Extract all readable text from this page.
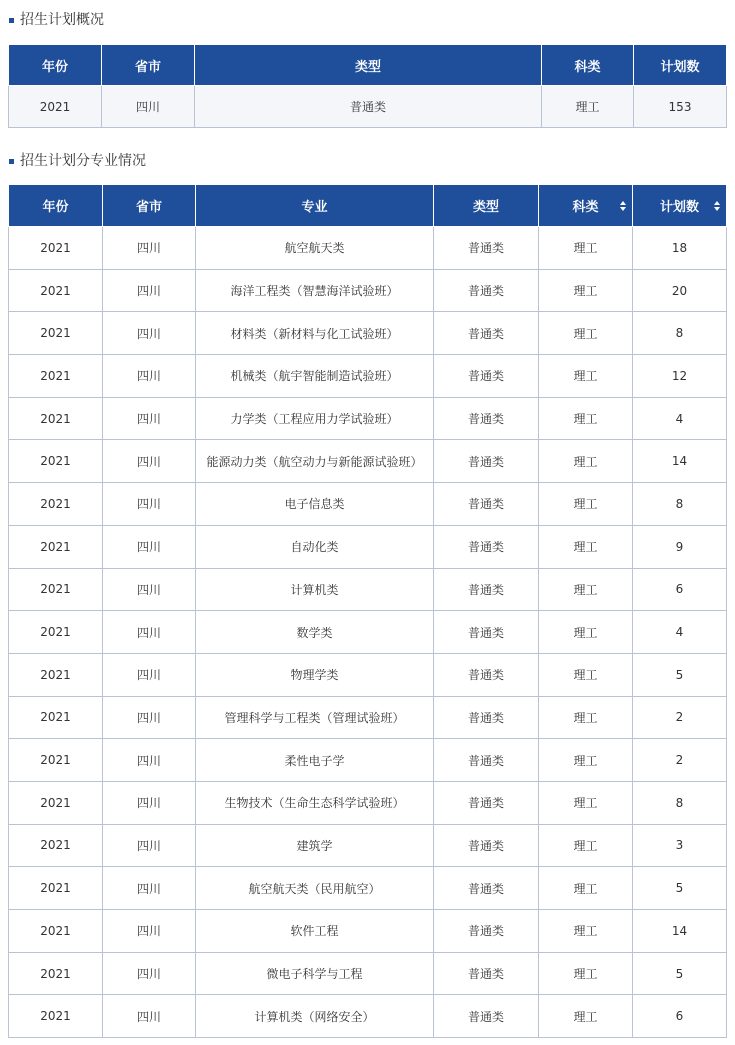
招生计划概况
年份	省市	类型	科类	计划数
2021	四川	普通类	理工	153
招生计划分专业情况
年份	省市	专业	类型	科类	计划数

2021	四川	航空航天类	普通类	理工	18
2021	四川	海洋工程类（智慧海洋试验班）	普通类	理工	20
2021	四川	材料类（新材料与化工试验班）	普通类	理工	8
2021	四川	机械类（航宇智能制造试验班）	普通类	理工	12
2021	四川	力学类（工程应用力学试验班）	普通类	理工	4
2021	四川	能源动力类（航空动力与新能源试验班）	普通类	理工	14
2021	四川	电子信息类	普通类	理工	8
2021	四川	自动化类	普通类	理工	9
2021	四川	计算机类	普通类	理工	6
2021	四川	数学类	普通类	理工	4
2021	四川	物理学类	普通类	理工	5
2021	四川	管理科学与工程类（管理试验班）	普通类	理工	2
2021	四川	柔性电子学	普通类	理工	2
2021	四川	生物技术（生命生态科学试验班）	普通类	理工	8
2021	四川	建筑学	普通类	理工	3
2021	四川	航空航天类（民用航空）	普通类	理工	5
2021	四川	软件工程	普通类	理工	14
2021	四川	微电子科学与工程	普通类	理工	5
2021	四川	计算机类（网络安全）	普通类	理工	6
